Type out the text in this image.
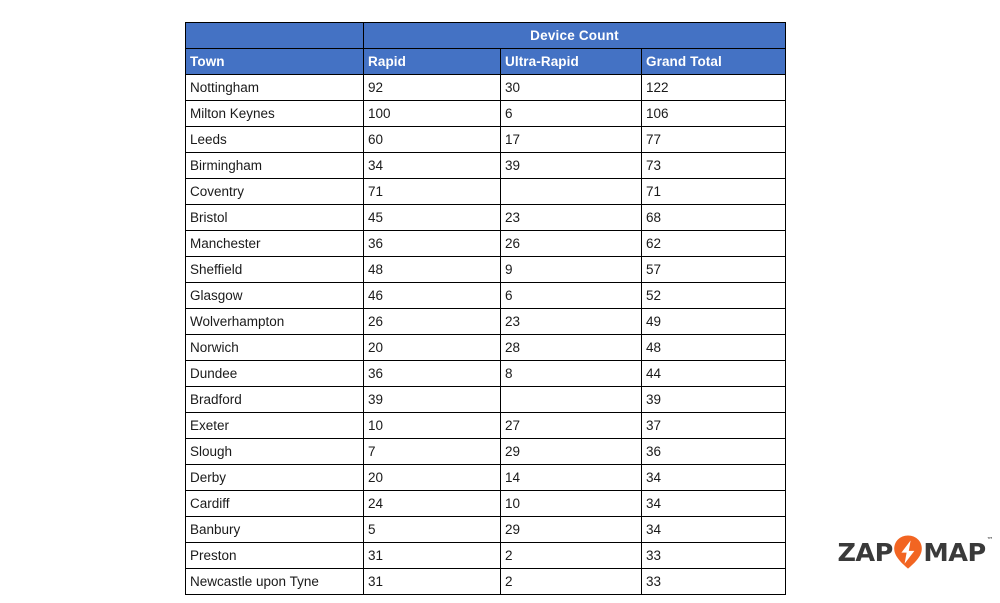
	Device Count		
Town	Rapid	Ultra-Rapid	Grand Total
Nottingham	92	30	122
Milton Keynes	100	6	106
Leeds	60	17	77
Birmingham	34	39	73
Coventry	71		71
Bristol	45	23	68
Manchester	36	26	62
Sheffield	48	9	57
Glasgow	46	6	52
Wolverhampton	26	23	49
Norwich	20	28	48
Dundee	36	8	44
Bradford	39		39
Exeter	10	27	37
Slough	7	29	36
Derby	20	14	34
Cardiff	24	10	34
Banbury	5	29	34
Preston	31	2	33
Newcastle upon Tyne	31	2	33
ZAP MAP ™
